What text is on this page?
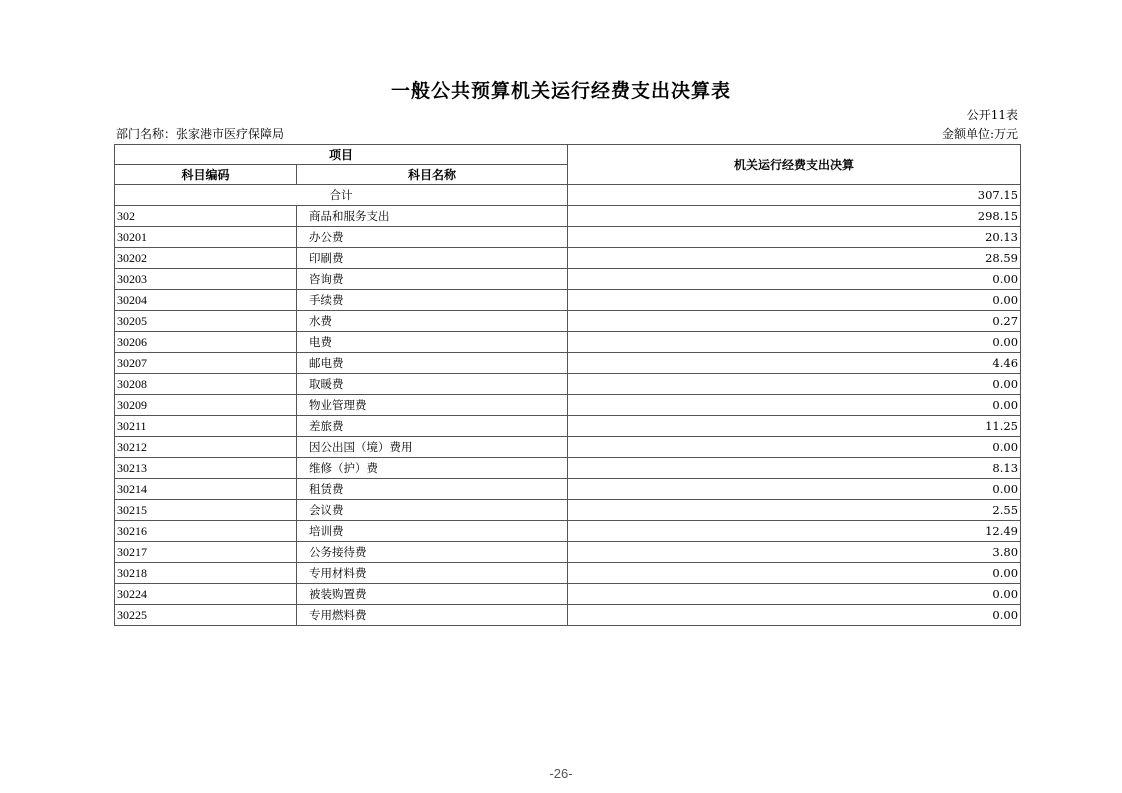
一般公共预算机关运行经费支出决算表
公开11表
部门名称：张家港市医疗保障局	金额单位:万元
项目		机关运行经费支出决算
科目编码	科目名称	
合计		307.15
302	商品和服务支出	298.15
30201	办公费	20.13
30202	印刷费	28.59
30203	咨询费	0.00
30204	手续费	0.00
30205	水费	0.27
30206	电费	0.00
30207	邮电费	4.46
30208	取暖费	0.00
30209	物业管理费	0.00
30211	差旅费	11.25
30212	因公出国（境）费用	0.00
30213	维修（护）费	8.13
30214	租赁费	0.00
30215	会议费	2.55
30216	培训费	12.49
30217	公务接待费	3.80
30218	专用材料费	0.00
30224	被装购置费	0.00
30225	专用燃料费	0.00
-26-
